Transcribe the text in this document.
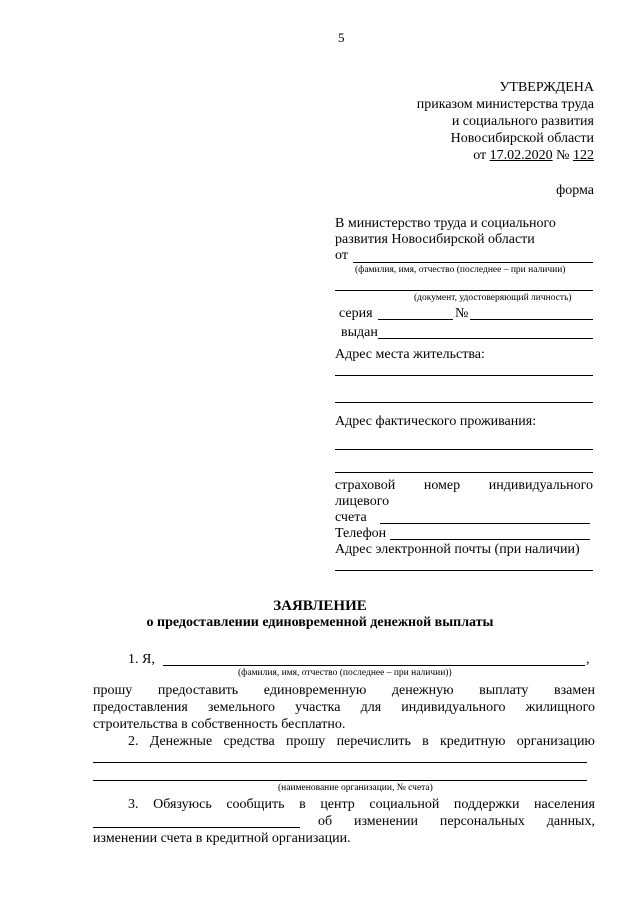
5
УТВЕРЖДЕНА
приказом министерства труда
и социального развития
Новосибирской области
от 17.02.2020 № 122
форма
В министерство труда и социального
развития Новосибирской области
от
(фамилия, имя, отчество (последнее – при наличии)
(документ, удостоверяющий личность)
серия	№
выдан
Адрес места жительства:
Адрес фактического проживания:
страховой номер индивидуального
лицевого
счета
Телефон
Адрес электронной почты (при наличии)
ЗАЯВЛЕНИЕ
о предоставлении единовременной денежной выплаты
1. Я,	,
(фамилия, имя, отчество (последнее – при наличии))
прошу предоставить единовременную денежную выплату взамен
предоставления земельного участка для индивидуального жилищного
строительства в собственность бесплатно.
2. Денежные средства прошу перечислить в кредитную организацию
(наименование организации, № счета)
3. Обязуюсь сообщить в центр социальной поддержки населения
об изменении персональных данных,
изменении счета в кредитной организации.
